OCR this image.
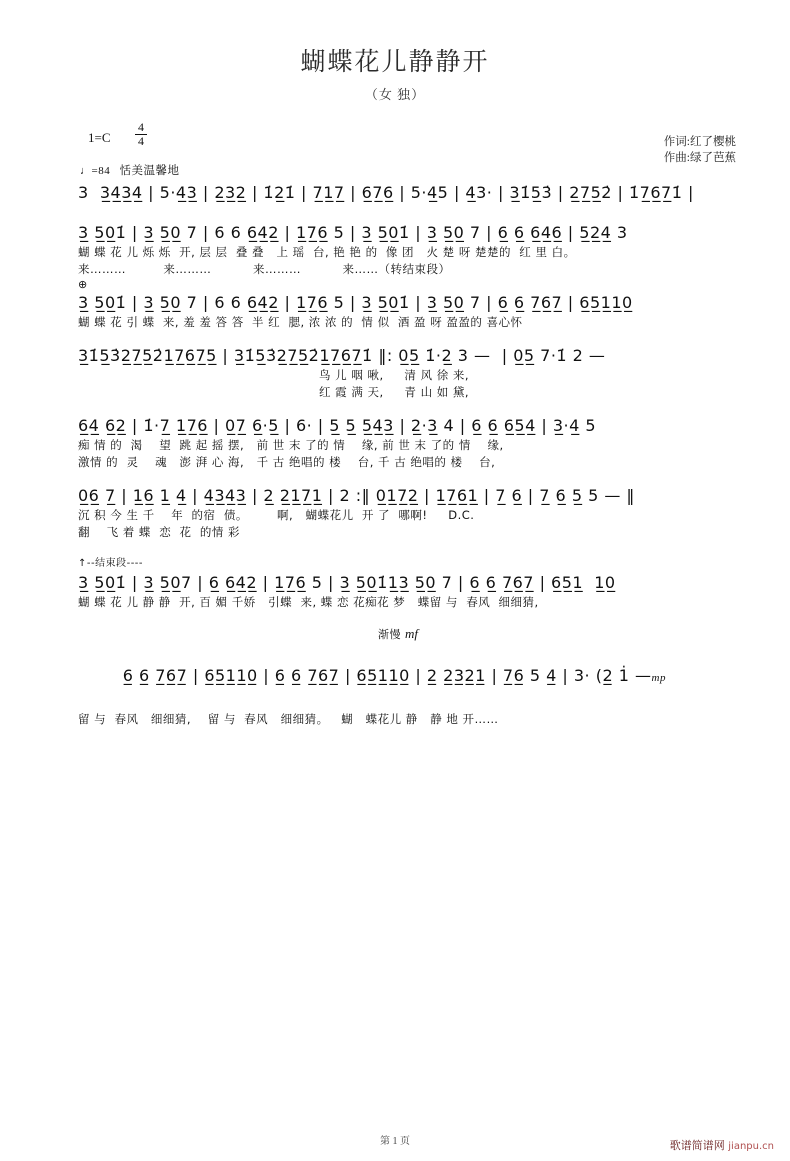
蝴蝶花儿静静开
（女 独）
1=C
4
4
♩=84 恬美温馨地
作词:红了樱桃
作曲:绿了芭蕉
3  3̲4̲3̲4̲ | 5·4̲3̲ | 2̲3̲2̲ | 1̇2̲1̇ | 7̲1̲7̲ | 6̲7̲6̲ | 5·4̲5 | 4̲3· | 3̲1̇5̲3̇ | 2̲7̲5̲2̇ | 1̇7̲6̲7̲1̇ |
3̲ 5̲0̲1̇ | 3̲ 5̲0̲ 7 | 6 6 6̲4̲2̲ | 1̲7̲6̲ 5 | 3̲ 5̲0̲1̇ | 3̲ 5̲0̲ 7 | 6̲ 6̲ 6̲4̲6̲ | 5̲2̲4̲ 3
蝴 蝶 花 儿 烁 烁  开, 层 层  叠 叠   上 瑶  台, 艳 艳 的  像 团   火 楚 呀 楚楚的  红 里 白。
来………         来………          来………          来……（转结束段）
⊕
3̲ 5̲0̲1̇ | 3̲ 5̲0̲ 7 | 6 6 6̲4̲2̲ | 1̲7̲6̲ 5 | 3̲ 5̲0̲1̇ | 3̲ 5̲0̲ 7 | 6̲ 6̲ 7̲6̲7̲ | 6̲5̲1̲1̲0̲
蝴 蝶 花 引 蝶  来, 羞 羞 答 答  半 红  腮, 浓 浓 的  情 似  酒 盈 呀 盈盈的 喜心怀
3̲1̇5̲3̇2̲7̲5̲2̇1̲7̲6̲7̲5̲ | 3̲1̇5̲3̇2̲7̲5̲2̇1̲7̲6̲7̲1̇ ‖: 0̲5̲ 1̇·2̲ 3 —  | 0̲5̲ 7·1̇ 2 —
鸟 儿 咽 啾,     清 风 徐 来,
红 霞 满 天,     青 山 如 黛,
6̲4̲ 6̲2̲ | 1̇·7̲ 1̲7̲6̲ | 0̲7̲ 6̲·5̲ | 6· | 5̲ 5̲ 5̲4̲3̲ | 2̲·3̲ 4 | 6̲ 6̲ 6̲5̲4̲ | 3̲·4̲ 5
痴 情 的  渴    望  跳 起 摇 摆,   前 世 末 了的 情    缘, 前 世 末 了的 情    缘,
激情 的  灵    魂   澎 湃 心 海,   千 古 绝唱的 楼    台, 千 古 绝唱的 楼    台,
0̲6̲ 7̲ | 1̲6̲ 1̲ 4̲ | 4̲3̲4̲3̲ | 2̲ 2̲1̲7̲1̲ | 2 :‖ 0̲1̲7̲2̲ | 1̲7̲6̲1̲ | 7̲ 6̲ | 7̲ 6̲ 5̲ 5 — ‖
沉 积 今 生 千    年  的宿  债。       啊,   蝴蝶花儿  开 了  哪啊!     D.C.
翻    飞 着 蝶  恋  花  的情 彩
↑--结束段----
3̲ 5̲0̲1̇ | 3̲ 5̲0̲7 | 6̲ 6̲4̲2̲ | 1̲7̲6̲ 5 | 3̲ 5̲0̲1̇1̲3̲ 5̲0̲ 7 | 6̲ 6̲ 7̲6̲7̲ | 6̲5̲1̲  1̲0̲
蝴 蝶 花 儿 静 静  开, 百 媚 千娇   引蝶  来, 蝶 恋 花痴花 梦   蝶留 与  春风  细细猜,
渐慢 mf

6̲ 6̲ 7̲6̲7̲ | 6̲5̲1̲1̲0̲ | 6̲ 6̲ 7̲6̲7̲ | 6̲5̲1̲1̲0̲ | 2̲ 2̲3̲2̲1̲ | 7̲6̲ 5 4̲ | 3· (2̲ 1̇ —mp

留 与  春风   细细猜,    留 与  春风   细细猜。   蝴   蝶花儿 静   静 地 开……
第 1 页	歌谱简谱网 jianpu.cn
